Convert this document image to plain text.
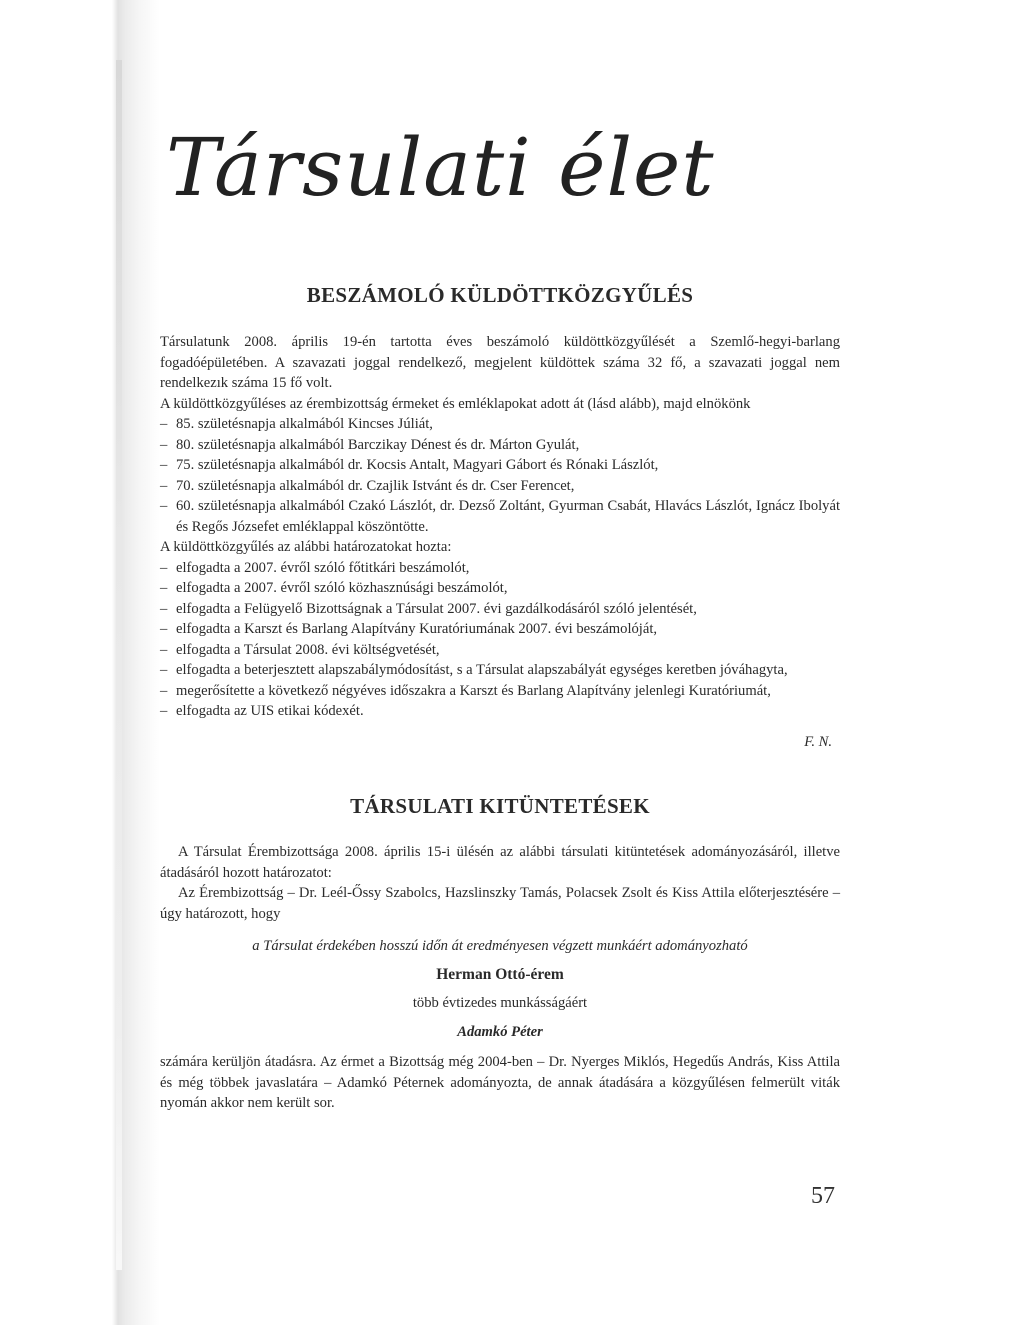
Társulati élet
BESZÁMOLÓ KÜLDÖTTKÖZGYŰLÉS

Társulatunk 2008. április 19-én tartotta éves beszámoló küldöttközgyűlését a Szemlő-hegyi-barlang fogadóépületében. A szavazati joggal rendelkező, megjelent küldöttek száma 32 fő, a szavazati joggal nem rendelkezık száma 15 fő volt.

A küldöttközgyűléses az érembizottság érmeket és emléklapokat adott át (lásd alább), majd elnökönk

– 85. születésnapja alkalmából Kincses Júliát,
– 80. születésnapja alkalmából Barczikay Dénest és dr. Márton Gyulát,
– 75. születésnapja alkalmából dr. Kocsis Antalt, Magyari Gábort és Rónaki Lászlót,
– 70. születésnapja alkalmából dr. Czajlik Istvánt és dr. Cser Ferencet,
– 60. születésnapja alkalmából Czakó Lászlót, dr. Dezső Zoltánt, Gyurman Csabát, Hlavács Lászlót, Ignácz Ibolyát és Regős Józsefet emléklappal köszöntötte.

A küldöttközgyűlés az alábbi határozatokat hozta:

– elfogadta a 2007. évről szóló főtitkári beszámolót,
– elfogadta a 2007. évről szóló közhasznúsági beszámolót,
– elfogadta a Felügyelő Bizottságnak a Társulat 2007. évi gazdálkodásáról szóló jelentését,
– elfogadta a Karszt és Barlang Alapítvány Kuratóriumának 2007. évi beszámolóját,
– elfogadta a Társulat 2008. évi költségvetését,
– elfogadta a beterjesztett alapszabálymódosítást, s a Társulat alapszabályát egységes keretben jóváhagyta,
– megerősítette a következő négyéves időszakra a Karszt és Barlang Alapítvány jelenlegi Kuratóriumát,
– elfogadta az UIS etikai kódexét.

F. N.

TÁRSULATI KITÜNTETÉSEK

A Társulat Érembizottsága 2008. április 15-i ülésén az alábbi társulati kitüntetések adományozásáról, illetve átadásáról hozott határozatot:

Az Érembizottság – Dr. Leél-Őssy Szabolcs, Hazslinszky Tamás, Polacsek Zsolt és Kiss Attila előterjesztésére – úgy határozott, hogy

a Társulat érdekében hosszú időn át eredményesen végzett munkáért adományozható

Herman Ottó-érem

több évtizedes munkásságáért

Adamkó Péter

számára kerüljön átadásra. Az érmet a Bizottság még 2004-ben – Dr. Nyerges Miklós, Hegedűs András, Kiss Attila és még többek javaslatára – Adamkó Péternek adományozta, de annak átadására a közgyűlésen felmerült viták nyomán akkor nem került sor.

57
